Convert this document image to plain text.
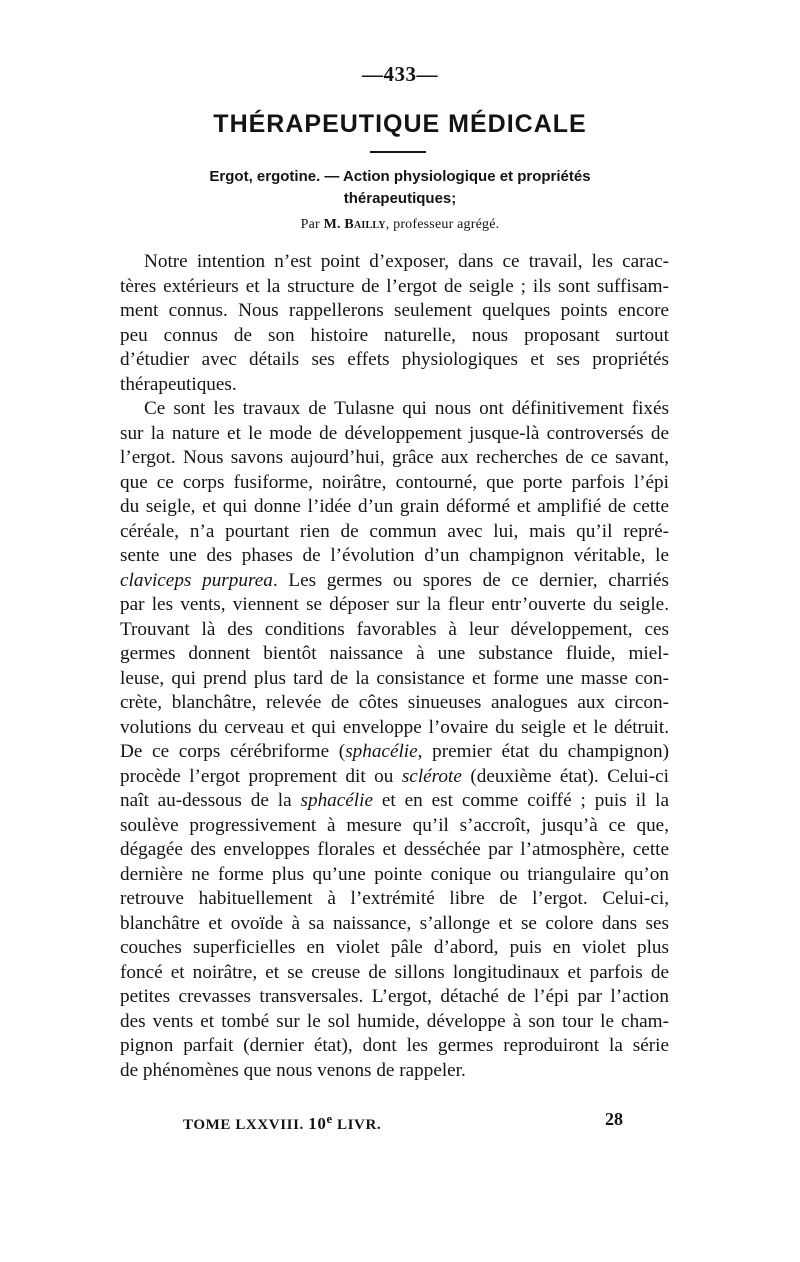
—433—
THÉRAPEUTIQUE MÉDICALE
Ergot, ergotine. — Action physiologique et propriétés
thérapeutiques;
Par M. Bailly, professeur agrégé.
Notre intention n’est point d’exposer, dans ce travail, les carac-
tères extérieurs et la structure de l’ergot de seigle ; ils sont suffisam-
ment connus. Nous rappellerons seulement quelques points encore
peu connus de son histoire naturelle, nous proposant surtout
d’étudier avec détails ses effets physiologiques et ses propriétés
thérapeutiques.
Ce sont les travaux de Tulasne qui nous ont définitivement fixés
sur la nature et le mode de développement jusque-là controversés de
l’ergot. Nous savons aujourd’hui, grâce aux recherches de ce savant,
que ce corps fusiforme, noirâtre, contourné, que porte parfois l’épi
du seigle, et qui donne l’idée d’un grain déformé et amplifié de cette
céréale, n’a pourtant rien de commun avec lui, mais qu’il repré-
sente une des phases de l’évolution d’un champignon véritable, le
claviceps purpurea. Les germes ou spores de ce dernier, charriés
par les vents, viennent se déposer sur la fleur entr’ouverte du seigle.
Trouvant là des conditions favorables à leur développement, ces
germes donnent bientôt naissance à une substance fluide, miel-
leuse, qui prend plus tard de la consistance et forme une masse con-
crète, blanchâtre, relevée de côtes sinueuses analogues aux circon-
volutions du cerveau et qui enveloppe l’ovaire du seigle et le détruit.
De ce corps cérébriforme (sphacélie, premier état du champignon)
procède l’ergot proprement dit ou sclérote (deuxième état). Celui-ci
naît au-dessous de la sphacélie et en est comme coiffé ; puis il la
soulève progressivement à mesure qu’il s’accroît, jusqu’à ce que,
dégagée des enveloppes florales et desséchée par l’atmosphère, cette
dernière ne forme plus qu’une pointe conique ou triangulaire qu’on
retrouve habituellement à l’extrémité libre de l’ergot. Celui-ci,
blanchâtre et ovoïde à sa naissance, s’allonge et se colore dans ses
couches superficielles en violet pâle d’abord, puis en violet plus
foncé et noirâtre, et se creuse de sillons longitudinaux et parfois de
petites crevasses transversales. L’ergot, détaché de l’épi par l’action
des vents et tombé sur le sol humide, développe à son tour le cham-
pignon parfait (dernier état), dont les germes reproduiront la série
de phénomènes que nous venons de rappeler.
TOME LXXVIII. 10e LIVR.	28
